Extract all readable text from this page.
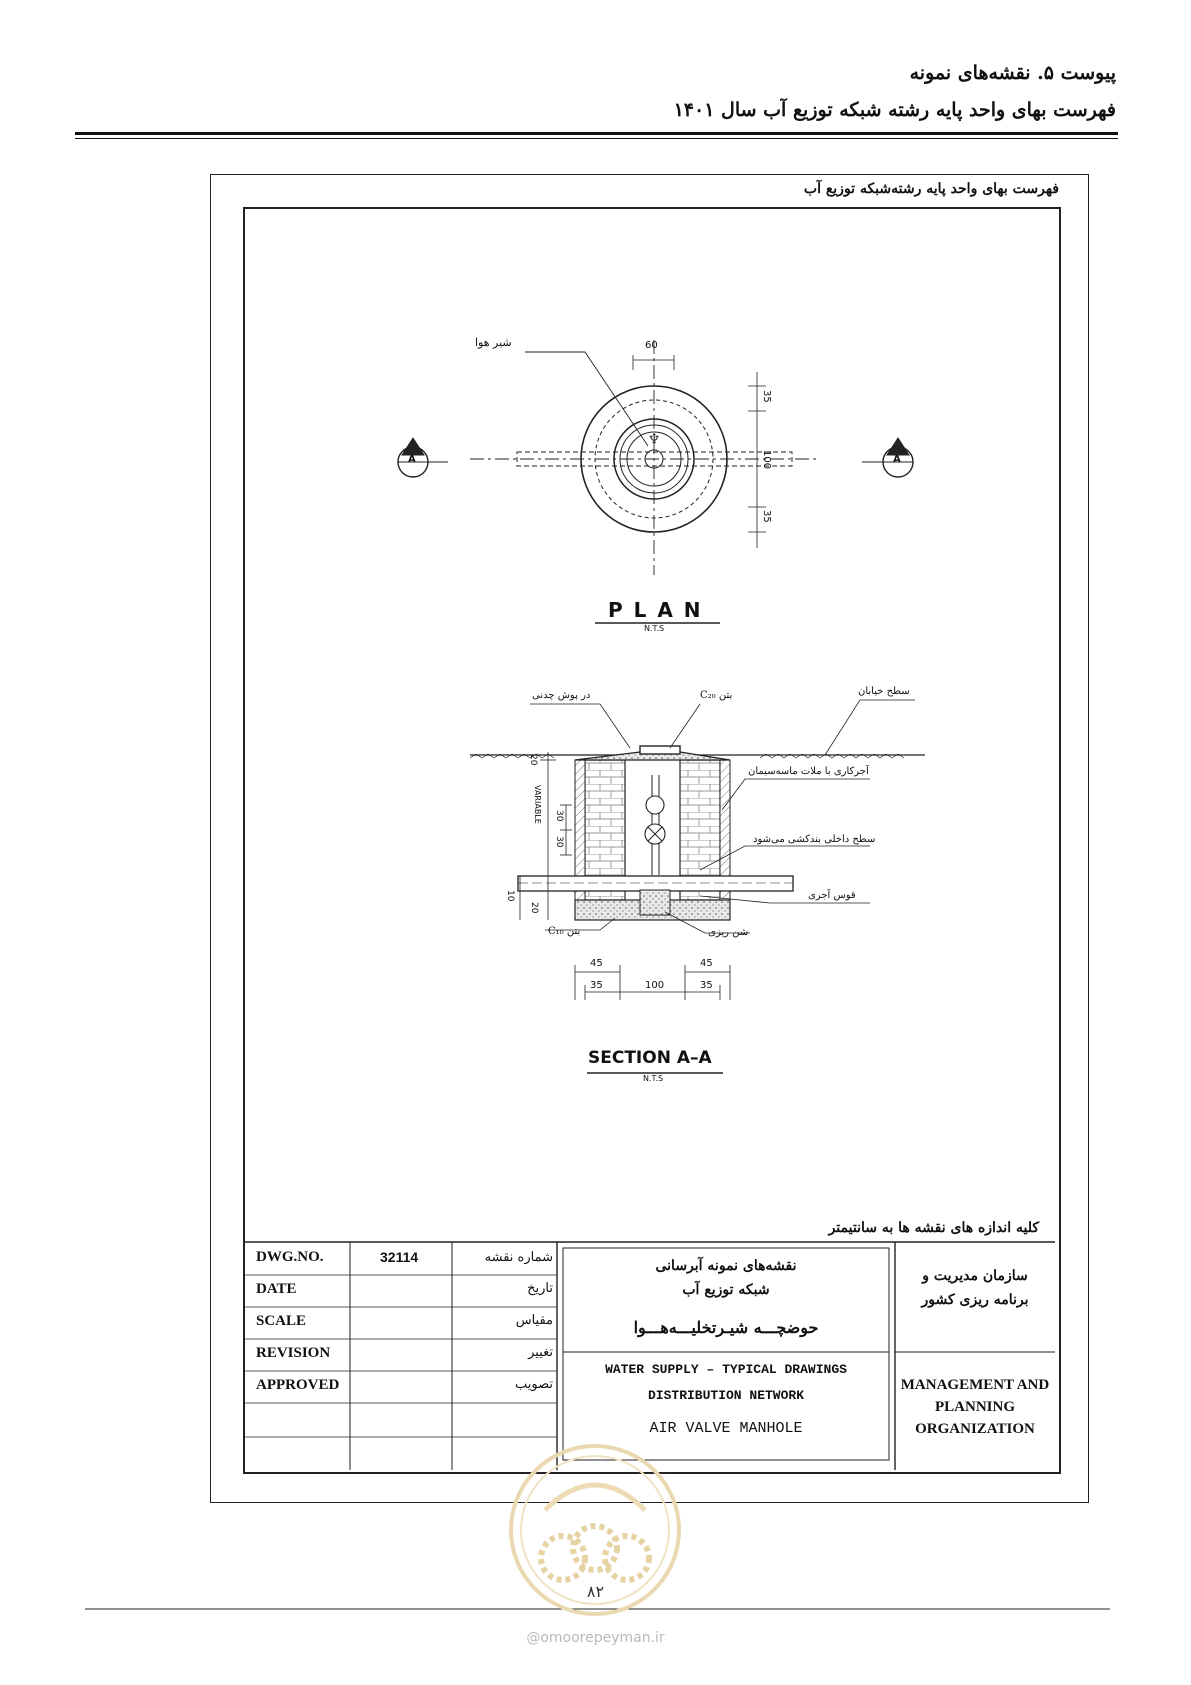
پیوست ۵. نقشه‌های نمونه
فهرست بهای واحد پایه رشته شبکه توزیع آب سال ۱۴۰۱
فهرست بهای واحد پایه رشته‌شبکه توزیع آب
♆
شیر هوا	60
35
100
35
A	A
P L A N
N.T.S
در پوش چدنی	بتن C₂₀	سطح خیابان
آجرکاری با ملات ماسه‌سیمان
سطح داخلی بندکشی می‌شود
قوس آجری
شن ریزی
بتن C₁₀
20
VARIABLE 30
30
10
20
45	45
35	100	35
SECTION A–A
N.T.S
کلیه اندازه های نقشه ها به سانتیمتر
DWG.NO.	32114	شماره نقشه
DATE	تاریخ
SCALE	مقیاس
REVISION	تغییر
APPROVED	تصویب
نقشه‌های نمونه آبرسانی
شبکه توزیع آب
حوضچـــه شیـرتخلیـــه‌هـــوا
WATER SUPPLY – TYPICAL DRAWINGS
DISTRIBUTION NETWORK
AIR VALVE MANHOLE
سازمان مدیریت و
برنامه ریزی کشور
MANAGEMENT AND
PLANNING
ORGANIZATION
۸۲
@omoorepeyman.ir
